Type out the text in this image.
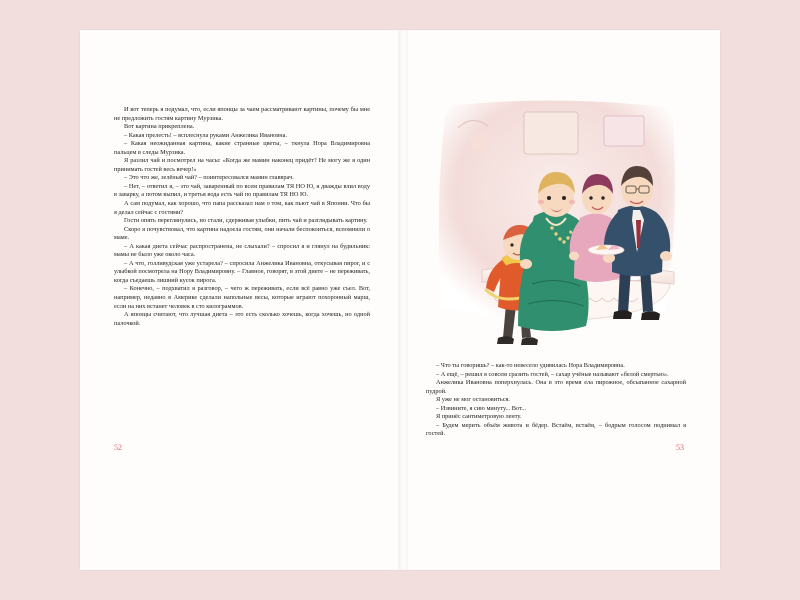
И вот теперь я подумал, что, если японцы за чаем рассматривают картины, почему бы мне не предложить гостям картину Мурзика.

Вот картина прикреплена.

– Какая прелесть! – всплеснула руками Анжелика Ивановна.

– Какая неожиданная картина, какие странные цветы, – ткнула Нора Владимировна пальцем в следы Мурзика.

Я разлил чай и посмотрел на часы: «Когда же мамин наконец придёт? Не могу же я один принимать гостей весь вечер!»

– Это что же, зелёный чай? – поинтересовался мамин главврач.

– Нет, – ответил я, – это чай, заваренный по всем правилам ТЯ НО Ю, я дважды влил воду в заварку, а потом выпил, и третья вода есть чай по правилам ТЯ НО Ю.

А сам подумал, как хорошо, что папа рассказал нам о том, как пьют чай в Японии. Что бы я делал сейчас с гостями?

Гости опять переглянулись, но стали, сдерживая улыбки, пить чай и разглядывать картину.

Скоро я почувствовал, что картина надоела гостям, они начали беспокоиться, вспомнили о маме.

– А какая диета сейчас распространена, не слыхали? – спросил я и глянул на будильник: мамы не было уже около часа.

– А что, голливудская уже устарела? – спросила Анжелика Ивановна, откусывая пирог, и с улыбкой посмотрела на Нору Владимировну. – Главное, говорят, в этой диете – не переживать, когда съедаешь лишний кусок пирога.

– Конечно, – подхватил я разговор, – чего ж переживать, если всё равно уже съел. Вот, например, недавно в Америке сделали напольные весы, которые играют похоронный марш, если на них встанет человек в сто килограммов.

А японцы считают, что лучшая диета – это есть сколько хочешь, когда хочешь, но одной палочкой.

52

– Что ты говоришь? – как-то невесело удивилась Нора Владимировна.

– А ещё, – решил я совсем сразить гостей, – сахар учёные называют «белой смертью».

Анжелика Ивановна поперхнулась. Она в это время ела пирожное, обсыпанное сахарной пудрой.

Я уже не мог остановиться.

– Извините, я сию минуту... Вот...

Я принёс сантиметровую ленту.

– Будем мерить объём живота и бёдер. Встаём, встаём, – бодрым голосом поднимал я гостей.

53
